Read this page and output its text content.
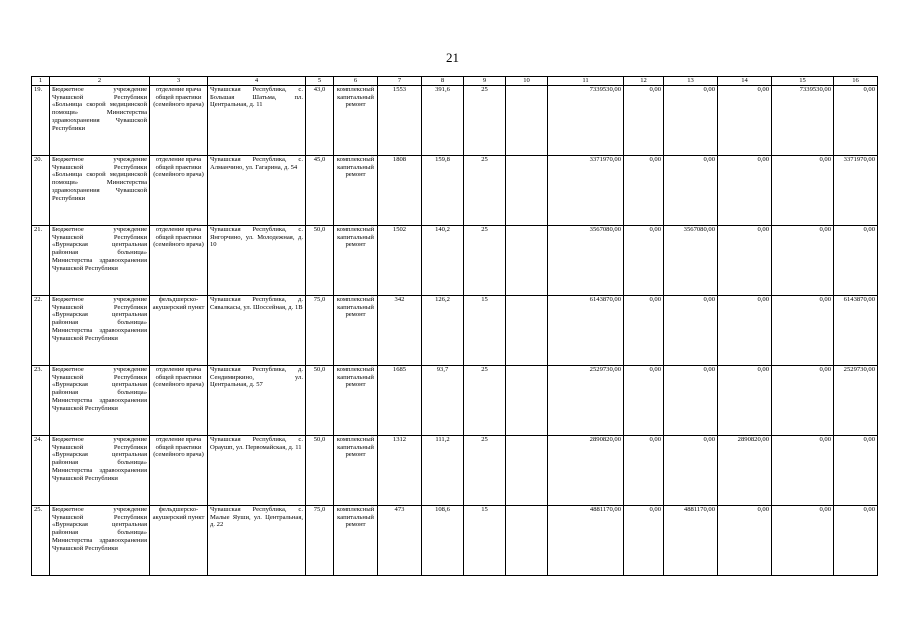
21
1	2	3	4	5	6	7	8	9	10	11	12	13	14	15	16
19.	Бюджетное учреждение Чувашской Республики «Больница скорой медицинской помощи» Министерства здравоохранения Чувашской Республики	отделение врача общей практики (семейного врача)	Чувашская Республика, с. Большая Шатьма, пл. Центральная, д. 11	43,0	комплексный капитальный ремонт	1553	391,6	25		7339530,00	0,00	0,00	0,00	7339530,00	0,00
20.	Бюджетное учреждение Чувашской Республики «Больница скорой медицинской помощи» Министерства здравоохранения Чувашской Республики	отделение врача общей практики (семейного врача)	Чувашская Республика, с. Алманчино, ул. Гагарина, д. 54	45,0	комплексный капитальный ремонт	1808	159,8	25		3371970,00	0,00	0,00	0,00	0,00	3371970,00
21.	Бюджетное учреждение Чувашской Республики «Вурнарская центральная районная больница» Министерства здравоохранения Чувашской Республики	отделение врача общей практики (семейного врача)	Чувашская Республика, с. Янгорчино, ул. Молодежная, д. 10	50,0	комплексный капитальный ремонт	1502	140,2	25		3567080,00	0,00	3567080,00	0,00	0,00	0,00
22.	Бюджетное учреждение Чувашской Республики «Вурнарская центральная районная больница» Министерства здравоохранения Чувашской Республики	фельдшерско-акушерский пункт	Чувашская Республика, д. Сявалкасы, ул. Шоссейная, д. 1В	75,0	комплексный капитальный ремонт	342	126,2	15		6143870,00	0,00	0,00	0,00	0,00	6143870,00
23.	Бюджетное учреждение Чувашской Республики «Вурнарская центральная районная больница» Министерства здравоохранения Чувашской Республики	отделение врача общей практики (семейного врача)	Чувашская Республика, д. Сендимиркино, ул. Центральная, д. 57	50,0	комплексный капитальный ремонт	1685	93,7	25		2529730,00	0,00	0,00	0,00	0,00	2529730,00
24.	Бюджетное учреждение Чувашской Республики «Вурнарская центральная районная больница» Министерства здравоохранения Чувашской Республики	отделение врача общей практики (семейного врача)	Чувашская Республика, с. Ораушп, ул. Первомайская, д. 11	50,0	комплексный капитальный ремонт	1312	111,2	25		2890820,00	0,00	0,00	2890820,00	0,00	0,00
25.	Бюджетное учреждение Чувашской Республики «Вурнарская центральная районная больница» Министерства здравоохранения Чувашской Республики	фельдшерско-акушерский пункт	Чувашская Республика, с. Малые Яуши, ул. Центральная, д. 22	75,0	комплексный капитальный ремонт	473	108,6	15		4881170,00	0,00	4881170,00	0,00	0,00	0,00
